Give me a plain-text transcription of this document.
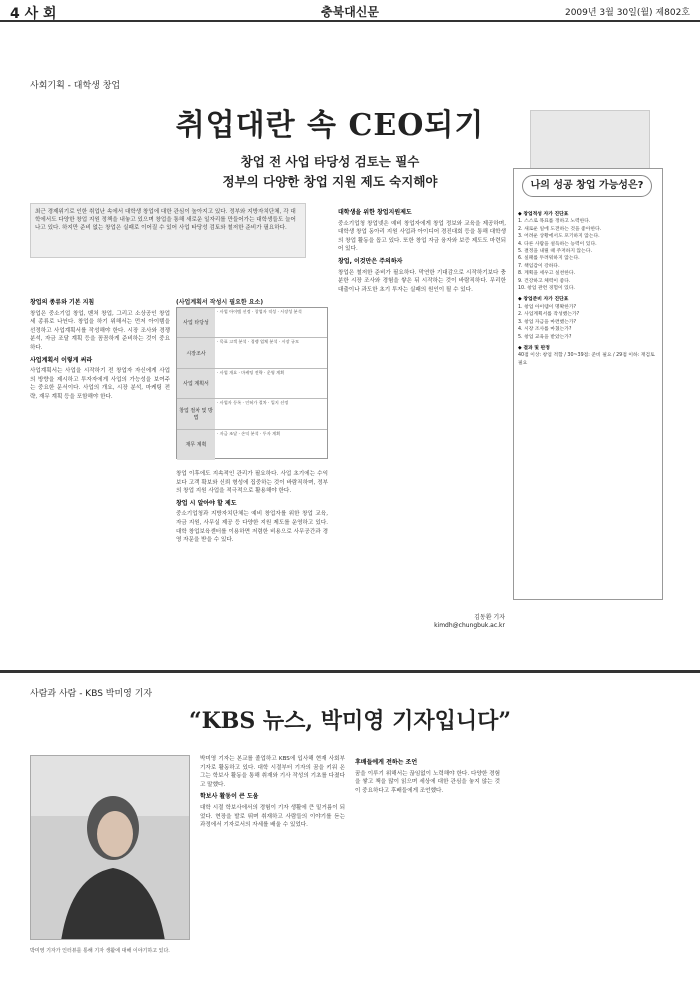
4 사 회	충북대신문	2009년 3월 30일(월) 제802호
사회기획 - 대학생 창업
취업대란 속 CEO되기
창업 전 사업 타당성 검토는 필수
정부의 다양한 창업 지원 제도 숙지해야
최근 경제위기로 인한 취업난 속에서 대학생 창업에 대한 관심이 높아지고 있다. 정부와 지방자치단체, 각 대학에서도 다양한 창업 지원 정책을 내놓고 있으며 창업을 통해 새로운 일자리를 만들어가는 대학생들도 늘어나고 있다. 하지만 준비 없는 창업은 실패로 이어질 수 있어 사업 타당성 검토와 철저한 준비가 필요하다.
창업의 종류와 기본 지침
창업은 중소기업 창업, 벤처 창업, 그리고 소상공인 창업 세 종류로 나뉜다. 창업을 하기 위해서는 먼저 아이템을 선정하고 사업계획서를 작성해야 한다. 시장 조사와 경쟁 분석, 자금 조달 계획 등을 꼼꼼하게 준비하는 것이 중요하다.
사업계획서 이렇게 써라
사업계획서는 사업을 시작하기 전 창업자 자신에게 사업의 방향을 제시하고 투자자에게 사업의 가능성을 보여주는 중요한 문서이다. 사업의 개요, 시장 분석, 마케팅 전략, 재무 계획 등을 포함해야 한다.
(사업계획서 작성시 필요한 요소)
사업 타당성
· 사업 아이템 선정 · 창업자 적성 · 시장성 분석
시장조사
· 목표 고객 분석 · 경쟁 업체 분석 · 시장 규모
사업 계획서
· 사업 개요 · 마케팅 전략 · 운영 계획
창업 절차 및 방법
· 사업자 등록 · 인허가 절차 · 입지 선정
재무 계획
· 자금 조달 · 손익 분석 · 투자 계획
창업 이후에도 지속적인 관리가 필요하다. 사업 초기에는 수익보다 고객 확보와 신뢰 형성에 집중하는 것이 바람직하며, 정부의 창업 지원 사업을 적극적으로 활용해야 한다.
창업 시 알아야 할 제도
중소기업청과 지방자치단체는 예비 창업자를 위한 창업 교육, 자금 지원, 사무실 제공 등 다양한 지원 제도를 운영하고 있다. 대학 창업보육센터를 이용하면 저렴한 비용으로 사무공간과 경영 자문을 받을 수 있다.
대학생을 위한 창업지원제도
중소기업청 창업넷은 예비 창업자에게 창업 정보와 교육을 제공하며, 대학생 창업 동아리 지원 사업과 아이디어 경진대회 등을 통해 대학생의 창업 활동을 돕고 있다. 또한 창업 자금 융자와 보증 제도도 마련되어 있다.
창업, 이것만은 주의하자
창업은 철저한 준비가 필요하다. 막연한 기대감으로 시작하기보다 충분한 시장 조사와 경험을 쌓은 뒤 시작하는 것이 바람직하다. 무리한 대출이나 과도한 초기 투자는 실패의 원인이 될 수 있다.
김동환 기자
kimdh@chungbuk.ac.kr
나의 성공 창업 가능성은?
◆ 창업적성 자가 진단표
1. 스스로 목표를 정하고 노력한다.
2. 새로운 일에 도전하는 것을 좋아한다.
3. 어려운 상황에서도 포기하지 않는다.
4. 다른 사람을 설득하는 능력이 있다.
5. 결정을 내릴 때 주저하지 않는다.
6. 실패를 두려워하지 않는다.
7. 책임감이 강하다.
8. 계획을 세우고 실천한다.
9. 건강하고 체력이 좋다.
10. 창업 관련 경험이 있다.
◆ 창업준비 자가 진단표
1. 창업 아이템이 명확한가?
2. 사업계획서를 작성했는가?
3. 창업 자금을 마련했는가?
4. 시장 조사를 마쳤는가?
5. 창업 교육을 받았는가?
◆ 결과 및 판정
40점 이상: 창업 적합 / 30~39점: 준비 필요 / 29점 이하: 재검토 필요
사람과 사람 - KBS 박미영 기자
“KBS 뉴스, 박미영 기자입니다”
박미영 기자가 인터뷰를 통해 기자 생활에 대해 이야기하고 있다.
박미영 기자는 본교를 졸업하고 KBS에 입사해 현재 사회부 기자로 활동하고 있다. 대학 시절부터 기자의 꿈을 키워 온 그는 학보사 활동을 통해 취재와 기사 작성의 기초를 다졌다고 말했다.
학보사 활동이 큰 도움
대학 시절 학보사에서의 경험이 기자 생활에 큰 밑거름이 되었다. 현장을 발로 뛰며 취재하고 사람들의 이야기를 듣는 과정에서 기자로서의 자세를 배울 수 있었다.
후배들에게 전하는 조언
꿈을 이루기 위해서는 끊임없이 노력해야 한다. 다양한 경험을 쌓고 책을 많이 읽으며 세상에 대한 관심을 놓지 않는 것이 중요하다고 후배들에게 조언했다.
